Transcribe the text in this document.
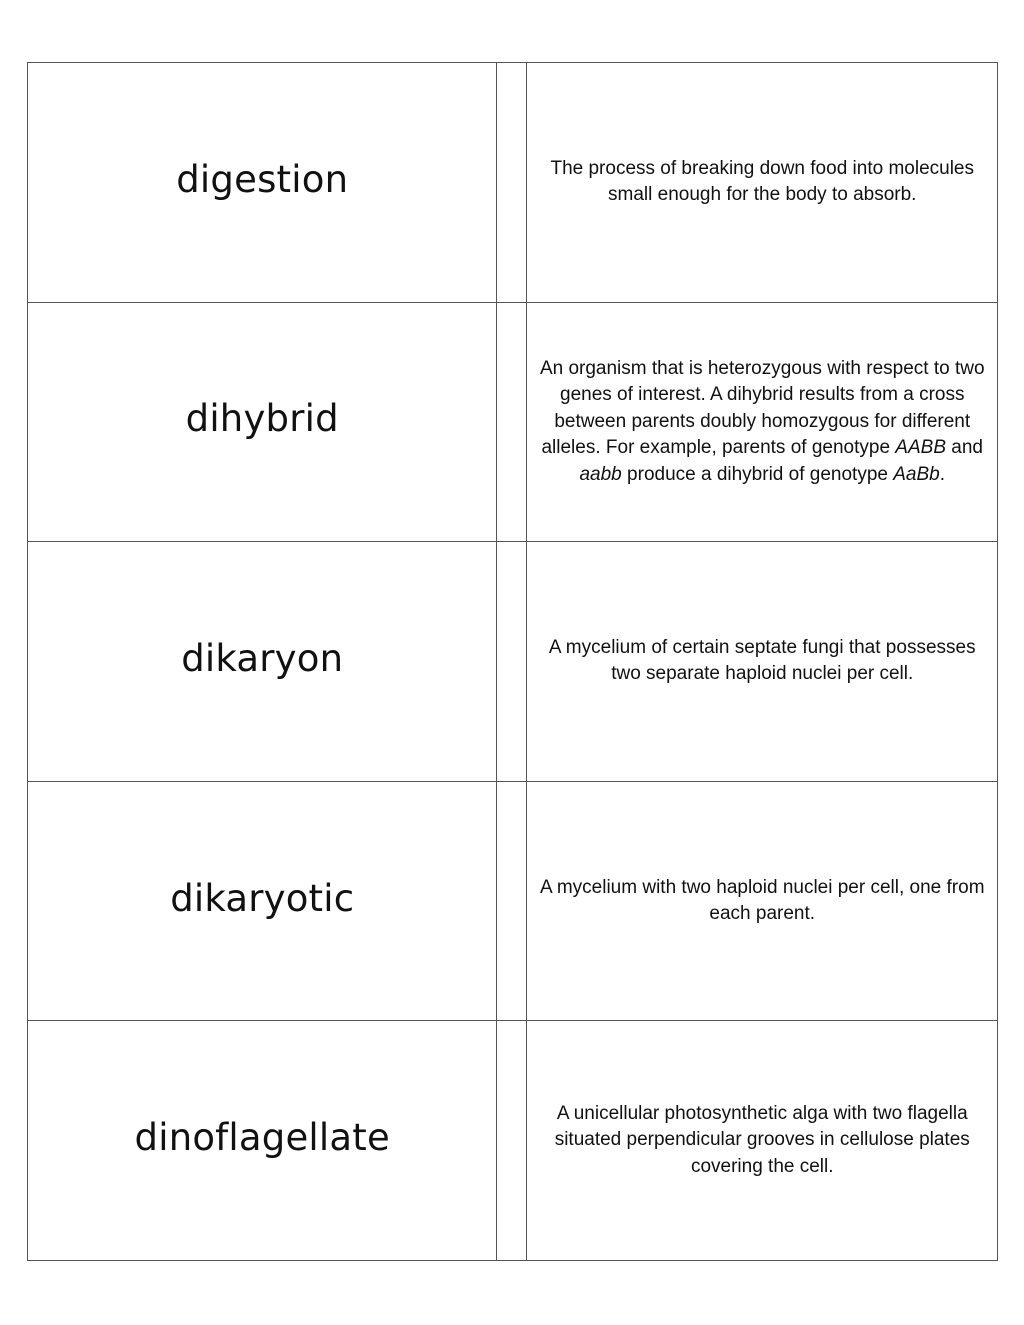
digestion		The process of breaking down food into molecules small enough for the body to absorb.

dihybrid		An organism that is heterozygous with respect to two genes of interest. A dihybrid results from a cross between parents doubly homozygous for different alleles. For example, parents of genotype AABB and aabb produce a dihybrid of genotype AaBb.

dikaryon		A mycelium of certain septate fungi that possesses two separate haploid nuclei per cell.

dikaryotic		A mycelium with two haploid nuclei per cell, one from each parent.

dinoflagellate		A unicellular photosynthetic alga with two flagella situated perpendicular grooves in cellulose plates covering the cell.
